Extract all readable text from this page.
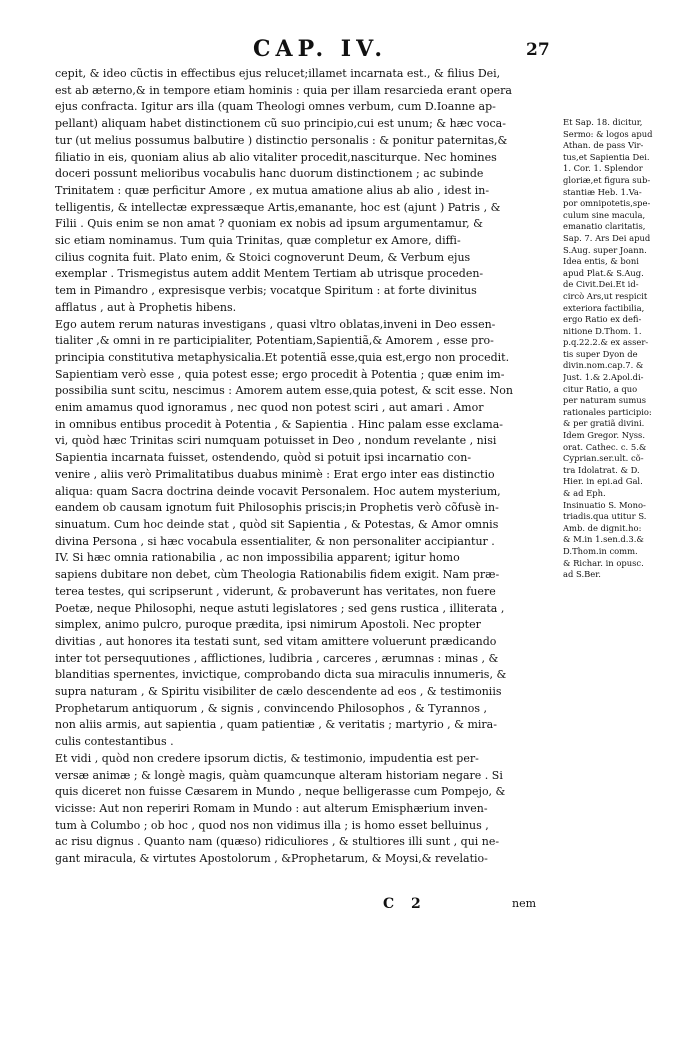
CAP. IV.	27
cepit, & ideo cũctis in effectibus ejus relucet;illamet incarnata est., & filius Dei,
est ab æterno,& in tempore etiam hominis : quia per illam resarcieda erant opera
ejus confracta. Igitur ars illa (quam Theologi omnes verbum, cum D.Ioanne ap-
pellant) aliquam habet distinctionem cũ suo principio,cui est unum; & hæc voca-
tur (ut melius possumus balbutire ) distinctio personalis : & ponitur paternitas,&
filiatio in eis, quoniam alius ab alio vitaliter procedit,nasciturque. Nec homines
doceri possunt melioribus vocabulis hanc duorum distinctionem ; ac subinde
Trinitatem : quæ perficitur Amore , ex mutua amatione alius ab alio , idest in-
telligentis, & intellectæ expressæque Artis,emanante, hoc est (ajunt ) Patris , &
Filii . Quis enim se non amat ? quoniam ex nobis ad ipsum argumentamur, &
sic etiam nominamus. Tum quia Trinitas, quæ completur ex Amore, diffi-
cilius cognita fuit. Plato enim, & Stoici cognoverunt Deum, & Verbum ejus
exemplar . Trismegistus autem addit Mentem Tertiam ab utrisque proceden-
tem in Pimandro , expresisque verbis; vocatque Spiritum : at forte divinitus
afflatus , aut à Prophetis hibens.
Ego autem rerum naturas investigans , quasi vltro oblatas,inveni in Deo essen-
tialiter ,& omni in re participialiter, Potentiam,Sapientiã,& Amorem , esse pro-
principia constitutiva metaphysicalia.Et potentiã esse,quia est,ergo non procedit.
Sapientiam verò esse , quia potest esse; ergo procedit à Potentia ; quæ enim im-
possibilia sunt scitu, nescimus : Amorem autem esse,quia potest, & scit esse. Non
enim amamus quod ignoramus , nec quod non potest sciri , aut amari . Amor
in omnibus entibus procedit à Potentia , & Sapientia . Hinc palam esse exclama-
vi, quòd hæc Trinitas sciri numquam potuisset in Deo , nondum revelante , nisi
Sapientia incarnata fuisset, ostendendo, quòd si potuit ipsi incarnatio con-
venire , aliis verò Primalitatibus duabus minimè : Erat ergo inter eas distinctio
aliqua: quam Sacra doctrina deinde vocavit Personalem. Hoc autem mysterium,
eandem ob causam ignotum fuit Philosophis priscis;in Prophetis verò cõfusè in-
sinuatum. Cum hoc deinde stat , quòd sit Sapientia , & Potestas, & Amor omnis
divina Persona , si hæc vocabula essentialiter, & non personaliter accipiantur .
IV. Si hæc omnia rationabilia , ac non impossibilia apparent; igitur homo
sapiens dubitare non debet, cùm Theologia Rationabilis fidem exigit. Nam præ-
terea testes, qui scripserunt , viderunt, & probaverunt has veritates, non fuere
Poetæ, neque Philosophi, neque astuti legislatores ; sed gens rustica , illiterata ,
simplex, animo pulcro, puroque prædita, ipsi nimirum Apostoli. Nec propter
divitias , aut honores ita testati sunt, sed vitam amittere voluerunt prædicando
inter tot persequutiones , afflictiones, ludibria , carceres , ærumnas : minas , &
blanditias spernentes, invictique, comprobando dicta sua miraculis innumeris, &
supra naturam , & Spiritu visibiliter de cælo descendente ad eos , & testimoniis
Prophetarum antiquorum , & signis , convincendo Philosophos , & Tyrannos ,
non aliis armis, aut sapientia , quam patientiæ , & veritatis ; martyrio , & mira-
culis contestantibus .
Et vidi , quòd non credere ipsorum dictis, & testimonio, impudentia est per-
versæ animæ ; & longè magis, quàm quamcunque alteram historiam negare . Si
quis diceret non fuisse Cæsarem in Mundo , neque belligerasse cum Pompejo, &
vicisse: Aut non reperiri Romam in Mundo : aut alterum Emisphærium inven-
tum à Columbo ; ob hoc , quod nos non vidimus illa ; is homo esset belluinus ,
ac risu dignus . Quanto nam (quæso) ridiculiores , & stultiores illi sunt , qui ne-
gant miracula, & virtutes Apostolorum , &Prophetarum, & Moysi,& revelatio-
Et Sap. 18. dicitur,
Sermo: & logos apud
Athan. de pass Vir-
tus,et Sapientia Dei.
1. Cor. 1. Splendor
gloriæ,et figura sub-
stantiæ Heb. 1.Va-
por omnipotetis,spe-
culum sine macula,
emanatio claritatis,
Sap. 7. Ars Dei apud
S.Aug. super Joann.
Idea entis, & boni
apud Plat.& S.Aug.
de Civit.Dei.Et id-
circò Ars,ut respicit
exteriora factibilia,
ergo Ratio ex defi-
nitione D.Thom. 1.
p.q.22.2.& ex asser-
tis super Dyon de
divin.nom.cap.7. &
Just. 1.& 2.Apol.di-
citur Ratio, a quo
per naturam sumus
rationales participio:
& per gratiã divini.
Idem Gregor. Nyss.
orat. Cathec. c. 5.&
Cyprian.ser.ult. cõ-
tra Idolatrat. & D.
Hier. in epi.ad Gal.
& ad Eph.
Insinuatio S. Mono-
triadis.qua utitur S.
Amb. de dignit.ho:
& M.in 1.sen.d.3.&
D.Thom.in comm.
& Richar. in opusc.
ad S.Ber.
C 2	nem
